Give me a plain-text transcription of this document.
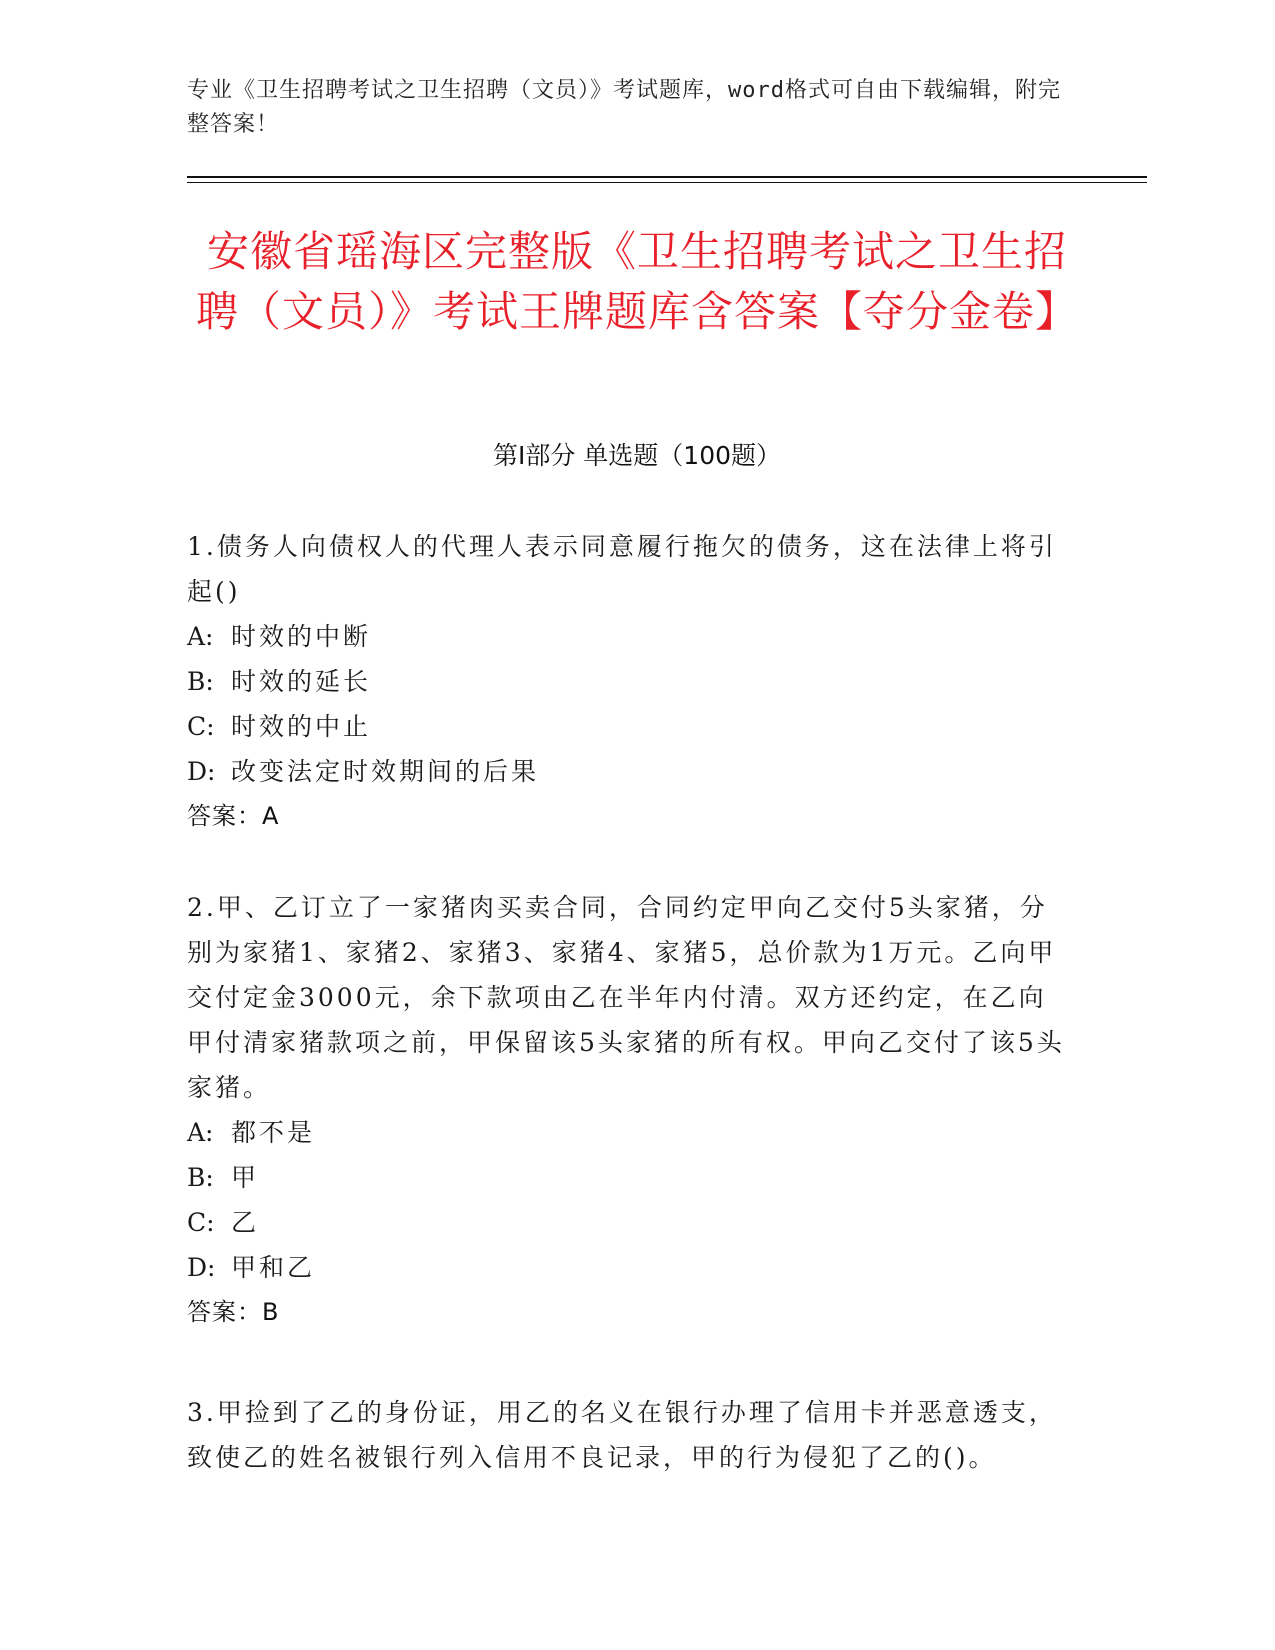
专业《卫生招聘考试之卫生招聘（文员）》考试题库，word格式可自由下载编辑，附完整答案！
安徽省瑶海区完整版《卫生招聘考试之卫生招聘（文员）》考试王牌题库含答案【夺分金卷】
第Ⅰ部分 单选题（100题）
1.债务人向债权人的代理人表示同意履行拖欠的债务，这在法律上将引起()
A: 时效的中断
B: 时效的延长
C: 时效的中止
D: 改变法定时效期间的后果
答案：A
2.甲、乙订立了一家猪肉买卖合同，合同约定甲向乙交付5头家猪，分别为家猪1、家猪2、家猪3、家猪4、家猪5，总价款为1万元。乙向甲交付定金3000元，余下款项由乙在半年内付清。双方还约定，在乙向甲付清家猪款项之前，甲保留该5头家猪的所有权。甲向乙交付了该5头家猪。
A: 都不是
B: 甲
C: 乙
D: 甲和乙
答案：B
3.甲捡到了乙的身份证，用乙的名义在银行办理了信用卡并恶意透支，致使乙的姓名被银行列入信用不良记录，甲的行为侵犯了乙的()。
